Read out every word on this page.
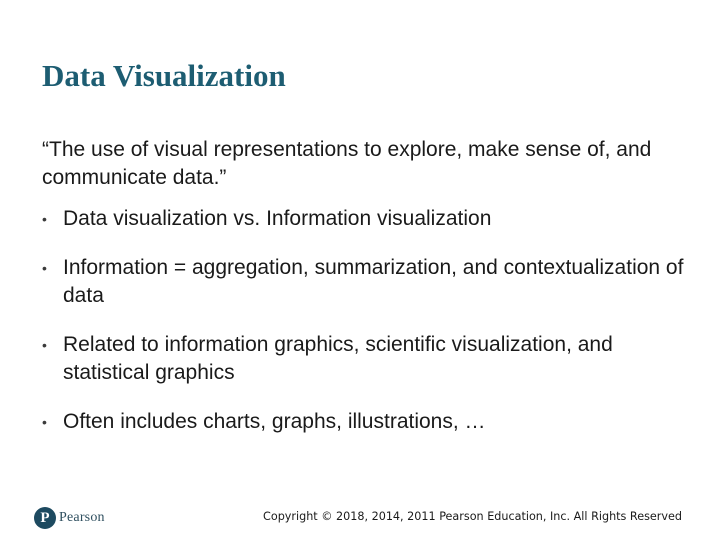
Data Visualization

“The use of visual representations to explore, make sense of, and communicate data.”

• Data visualization vs. Information visualization
• Information = aggregation, summarization, and contextualization of data
• Related to information graphics, scientific visualization, and statistical graphics
• Often includes charts, graphs, illustrations, …
P Pearson	Copyright © 2018, 2014, 2011 Pearson Education, Inc. All Rights Reserved
